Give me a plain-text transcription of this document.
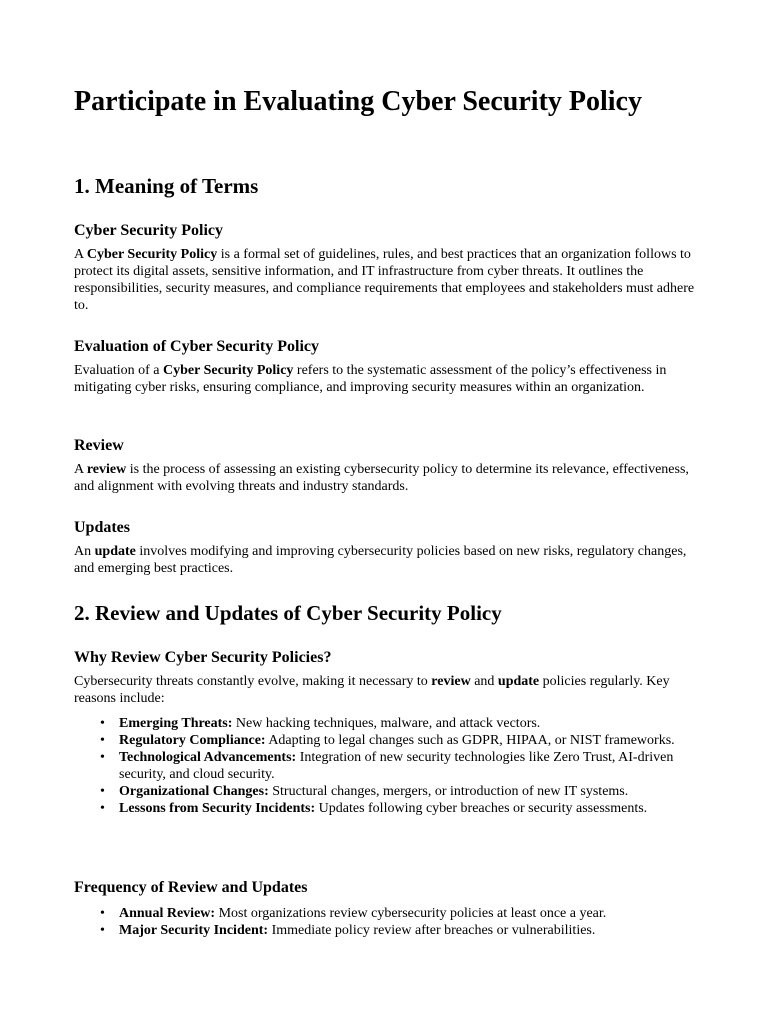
Participate in Evaluating Cyber Security Policy
1. Meaning of Terms
Cyber Security Policy

A Cyber Security Policy is a formal set of guidelines, rules, and best practices that an organization follows to protect its digital assets, sensitive information, and IT infrastructure from cyber threats. It outlines the responsibilities, security measures, and compliance requirements that employees and stakeholders must adhere to.

Evaluation of Cyber Security Policy

Evaluation of a Cyber Security Policy refers to the systematic assessment of the policy’s effectiveness in mitigating cyber risks, ensuring compliance, and improving security measures within an organization.

Review

A review is the process of assessing an existing cybersecurity policy to determine its relevance, effectiveness, and alignment with evolving threats and industry standards.

Updates

An update involves modifying and improving cybersecurity policies based on new risks, regulatory changes, and emerging best practices.

2. Review and Updates of Cyber Security Policy
Why Review Cyber Security Policies?

Cybersecurity threats constantly evolve, making it necessary to review and update policies regularly. Key reasons include:

• Emerging Threats: New hacking techniques, malware, and attack vectors.
• Regulatory Compliance: Adapting to legal changes such as GDPR, HIPAA, or NIST frameworks.
• Technological Advancements: Integration of new security technologies like Zero Trust, AI-driven security, and cloud security.
• Organizational Changes: Structural changes, mergers, or introduction of new IT systems.
• Lessons from Security Incidents: Updates following cyber breaches or security assessments.
Frequency of Review and Updates
• Annual Review: Most organizations review cybersecurity policies at least once a year.
• Major Security Incident: Immediate policy review after breaches or vulnerabilities.
